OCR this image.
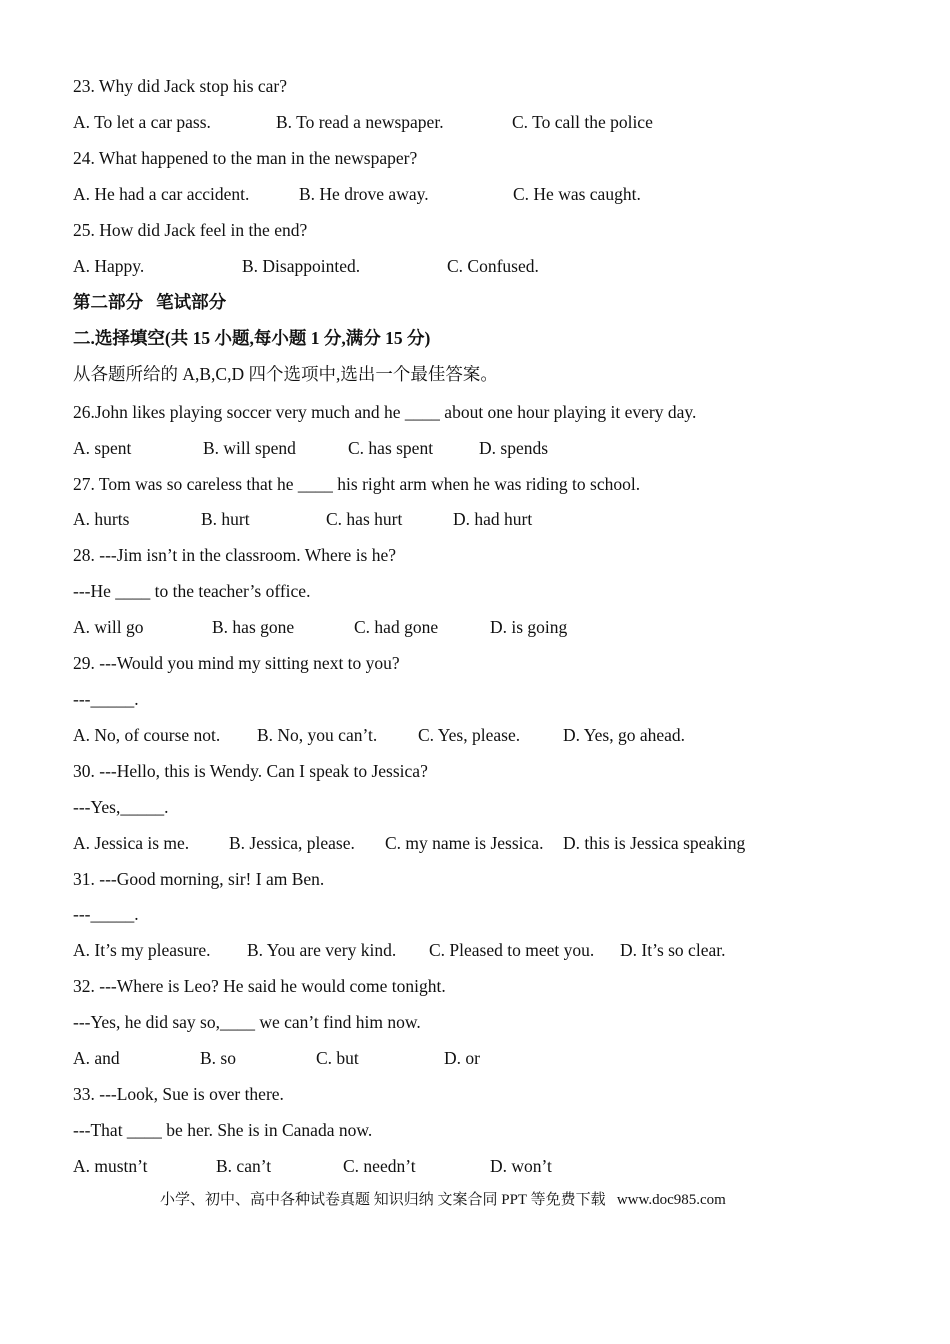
23. Why did Jack stop his car?
A. To let a car pass.	B. To read a newspaper.	C. To call the police
24. What happened to the man in the newspaper?
A. He had a car accident.	B. He drove away.	C. He was caught.
25. How did Jack feel in the end?
A. Happy.	B. Disappointed.	C. Confused.
第二部分   笔试部分
二.选择填空(共 15 小题,每小题 1 分,满分 15 分)
从各题所给的 A,B,C,D 四个选项中,选出一个最佳答案。
26.John likes playing soccer very much and he ____ about one hour playing it every day.
A. spent	B. will spend	C. has spent	D. spends
27. Tom was so careless that he ____ his right arm when he was riding to school.
A. hurts	B. hurt	C. has hurt	D. had hurt
28. ---Jim isn’t in the classroom. Where is he?
---He ____ to the teacher’s office.
A. will go	B. has gone	C. had gone	D. is going
29. ---Would you mind my sitting next to you?
---_____.
A. No, of course not. B. No, you can’t. C. Yes, please. D. Yes, go ahead.
30. ---Hello, this is Wendy. Can I speak to Jessica?
---Yes,_____.
A. Jessica is me. B. Jessica, please. C. my name is Jessica. D. this is Jessica speaking
31. ---Good morning, sir! I am Ben.
---_____.
A. It’s my pleasure. B. You are very kind. C. Pleased to meet you. D. It’s so clear.
32. ---Where is Leo? He said he would come tonight.
---Yes, he did say so,____ we can’t find him now.
A. and	B. so	C. but	D. or
33. ---Look, Sue is over there.
---That ____ be her. She is in Canada now.
A. mustn’t	B. can’t	C. needn’t	D. won’t
小学、初中、高中各种试卷真题 知识归纳 文案合同 PPT 等免费下载   www.doc985.com
